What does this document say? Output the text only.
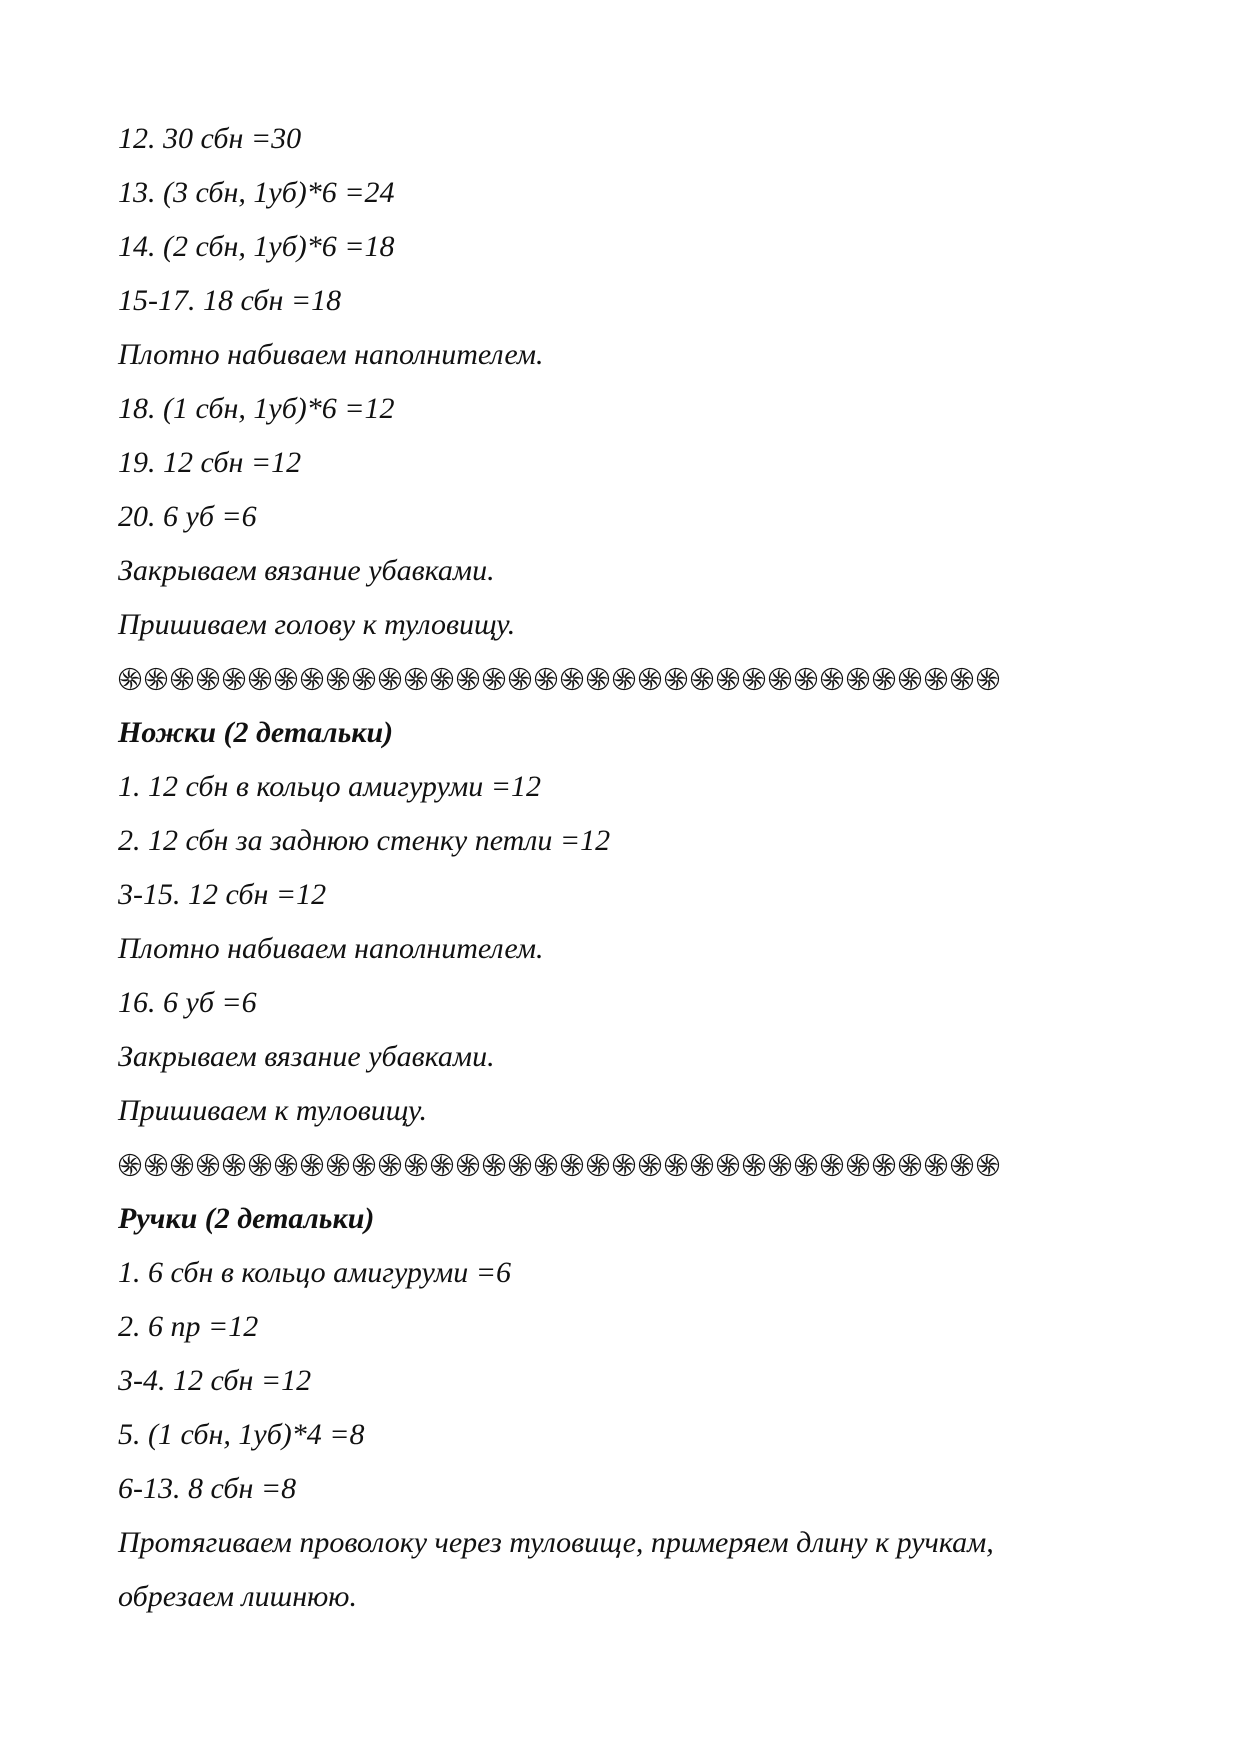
12. 30 сбн =30
13. (3 сбн, 1уб)*6 =24
14. (2 сбн, 1уб)*6 =18
15-17. 18 сбн =18
Плотно набиваем наполнителем.
18. (1 сбн, 1уб)*6 =12
19. 12 сбн =12
20. 6 уб =6
Закрываем вязание убавками.
Пришиваем голову к туловищу.
Ножки (2 детальки)
1. 12 сбн в кольцо амигуруми =12
2. 12 сбн за заднюю стенку петли =12
3-15. 12 сбн =12
Плотно набиваем наполнителем.
16. 6 уб =6
Закрываем вязание убавками.
Пришиваем к туловищу.
Ручки (2 детальки)
1. 6 сбн в кольцо амигуруми =6
2. 6 пр =12
3-4. 12 сбн =12
5. (1 сбн, 1уб)*4 =8
6-13. 8 сбн =8
Протягиваем проволоку через туловище, примеряем длину к ручкам,
обрезаем лишнюю.
